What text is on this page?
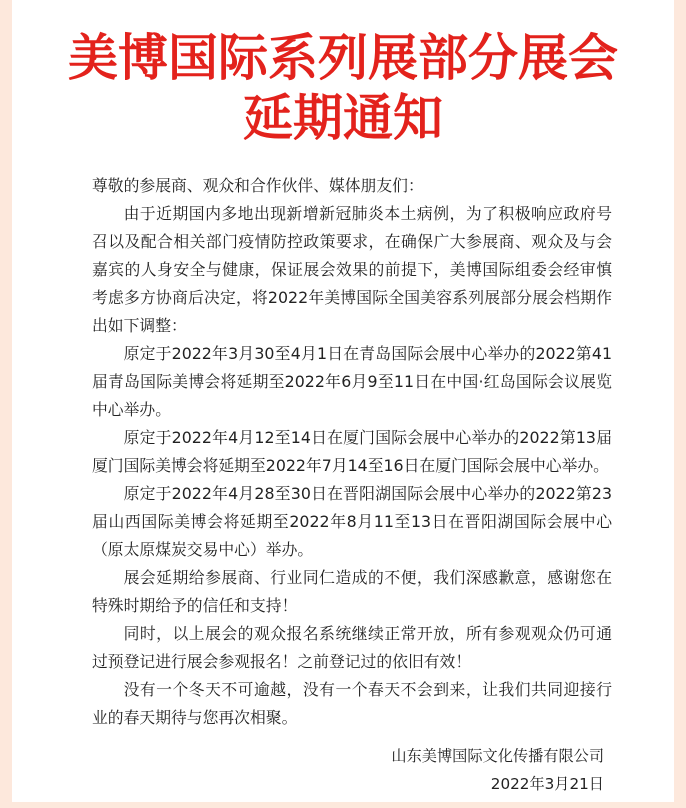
美博国际系列展部分展会
延期通知

尊敬的参展商、观众和合作伙伴、媒体朋友们：

由于近期国内多地出现新增新冠肺炎本土病例，为了积极响应政府号召以及配合相关部门疫情防控政策要求，在确保广大参展商、观众及与会嘉宾的人身安全与健康，保证展会效果的前提下，美博国际组委会经审慎考虑多方协商后决定，将2022年美博国际全国美容系列展部分展会档期作出如下调整：

原定于2022年3月30至4月1日在青岛国际会展中心举办的2022第41届青岛国际美博会将延期至2022年6月9至11日在中国·红岛国际会议展览中心举办。

原定于2022年4月12至14日在厦门国际会展中心举办的2022第13届厦门国际美博会将延期至2022年7月14至16日在厦门国际会展中心举办。

原定于2022年4月28至30日在晋阳湖国际会展中心举办的2022第23届山西国际美博会将延期至2022年8月11至13日在晋阳湖国际会展中心（原太原煤炭交易中心）举办。

展会延期给参展商、行业同仁造成的不便，我们深感歉意，感谢您在特殊时期给予的信任和支持！

同时，以上展会的观众报名系统继续正常开放，所有参观观众仍可通过预登记进行展会参观报名！之前登记过的依旧有效！

没有一个冬天不可逾越，没有一个春天不会到来，让我们共同迎接行业的春天期待与您再次相聚。

山东美博国际文化传播有限公司
2022年3月21日
